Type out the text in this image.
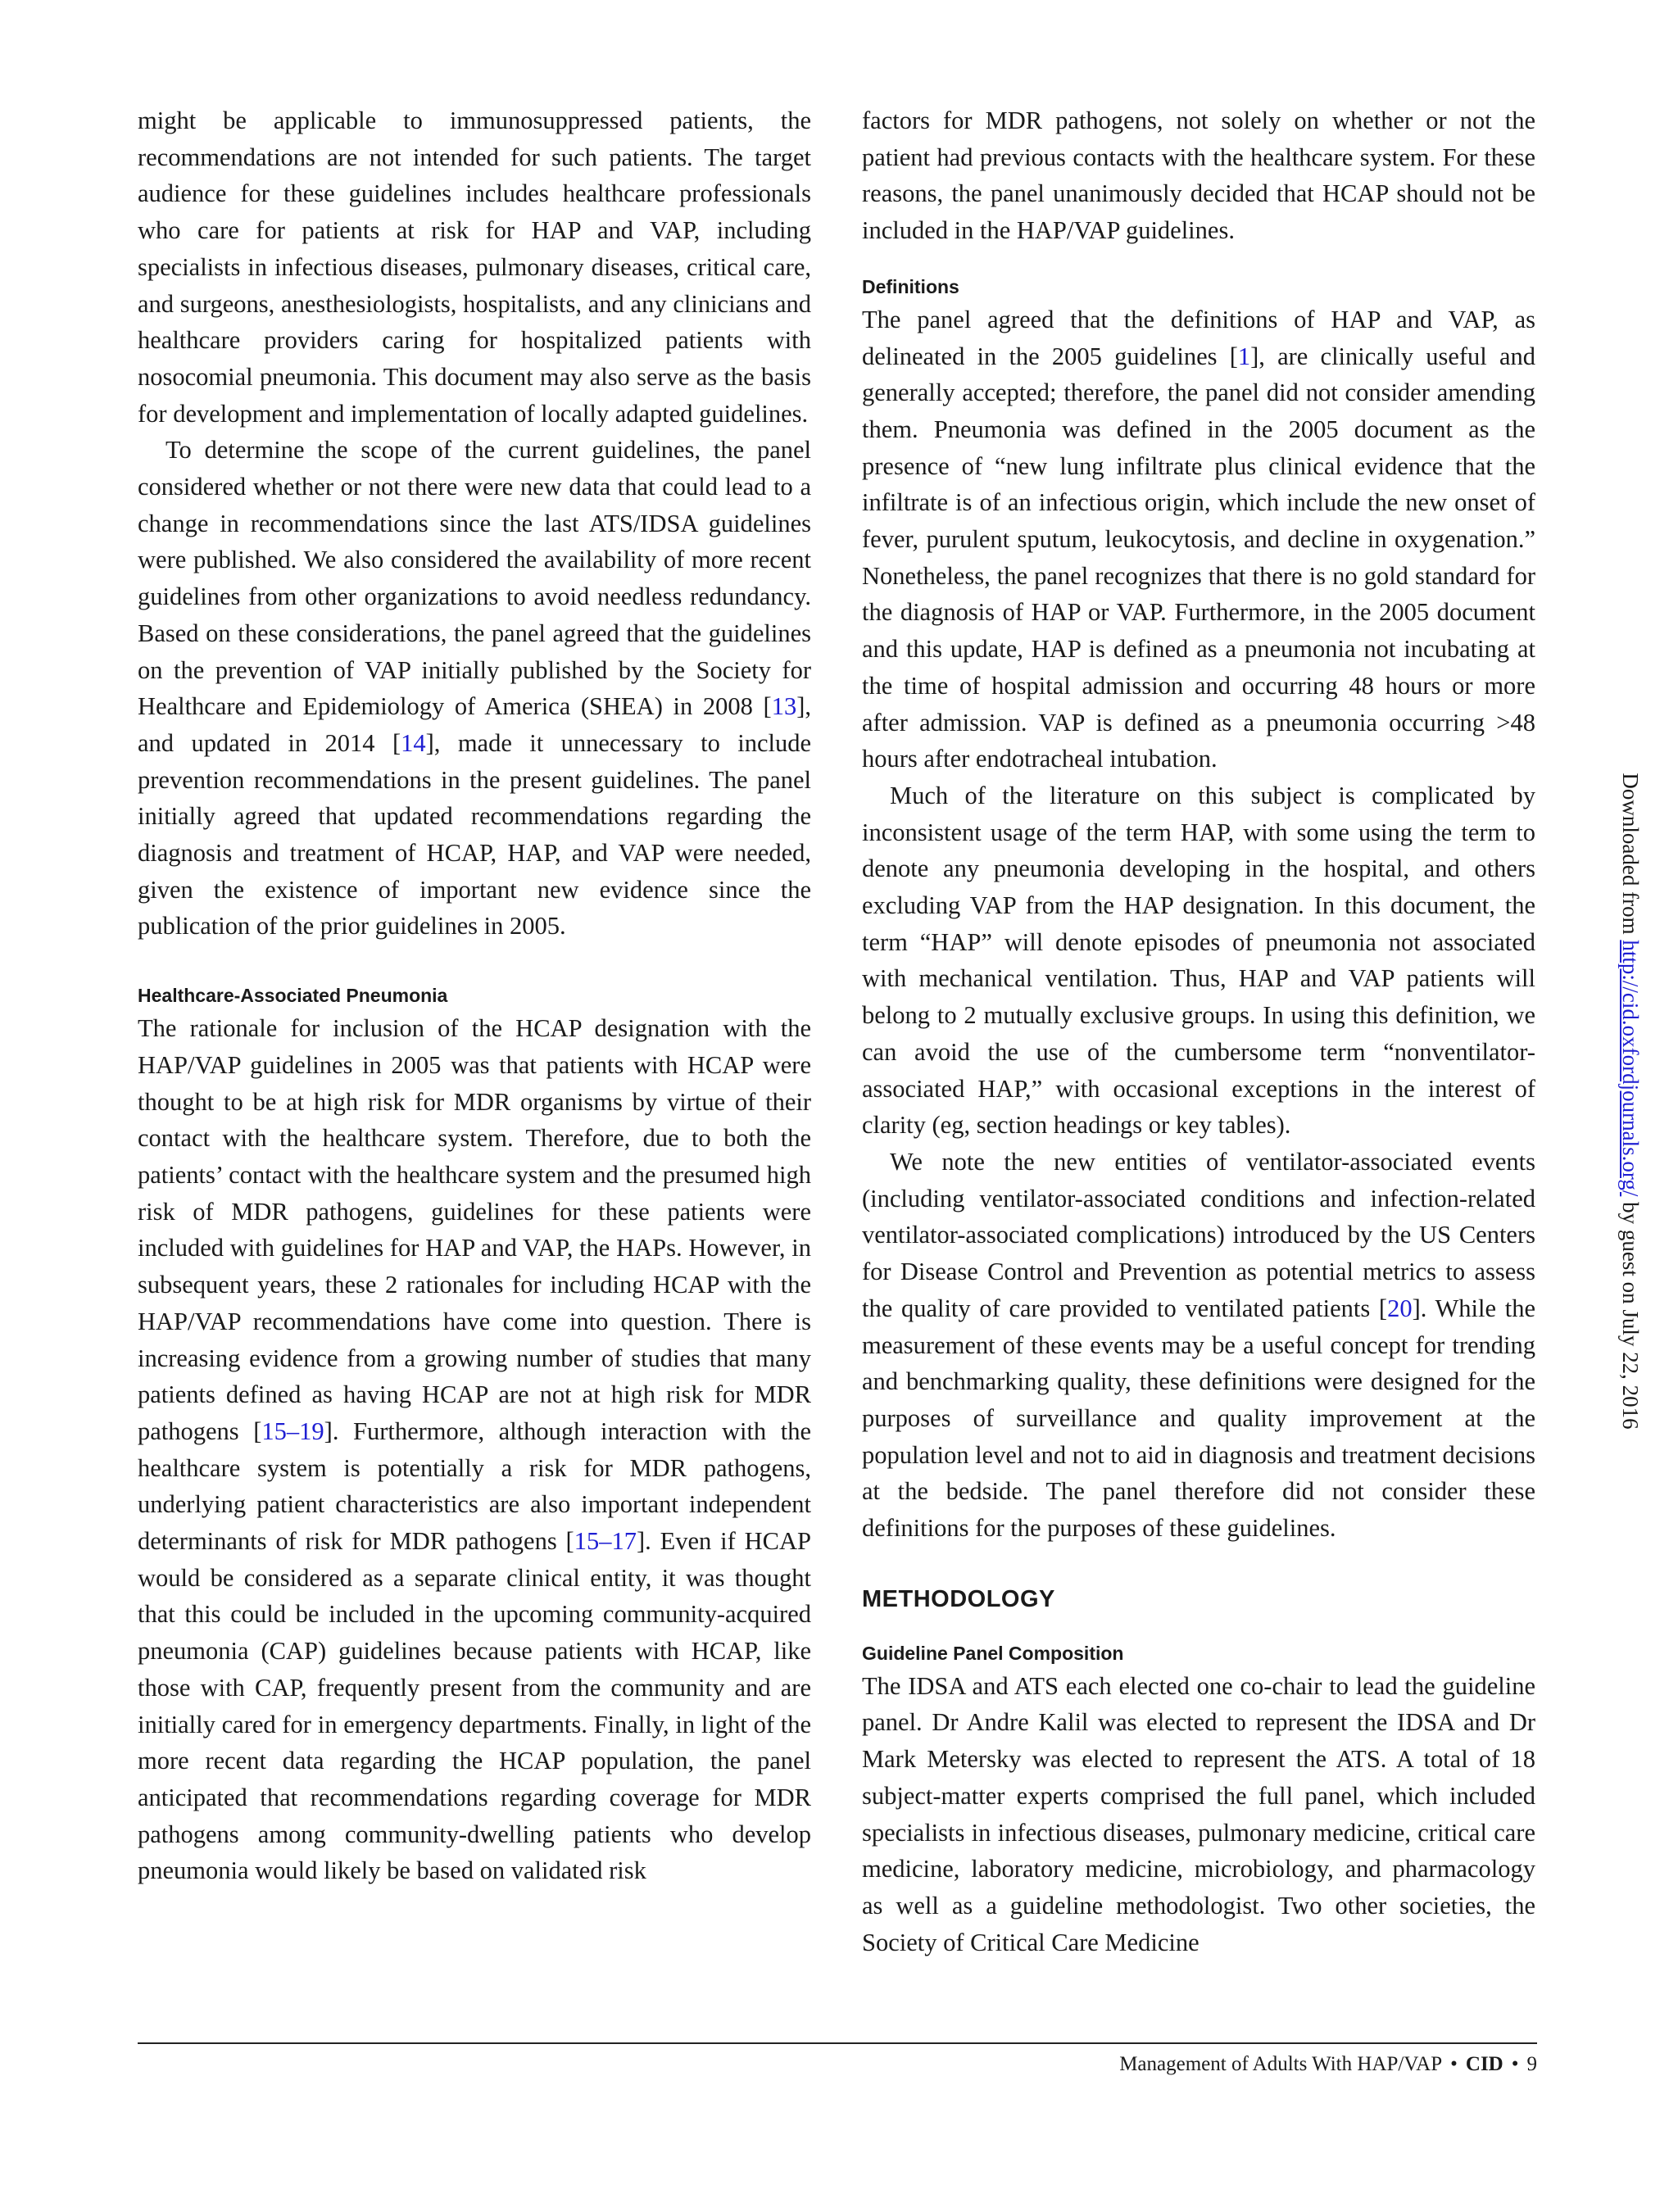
might be applicable to immunosuppressed patients, the recommendations are not intended for such patients. The target audience for these guidelines includes healthcare professionals who care for patients at risk for HAP and VAP, including specialists in infectious diseases, pulmonary diseases, critical care, and surgeons, anesthesiologists, hospitalists, and any clinicians and healthcare providers caring for hospitalized patients with nosocomial pneumonia. This document may also serve as the basis for development and implementation of locally adapted guidelines.

To determine the scope of the current guidelines, the panel considered whether or not there were new data that could lead to a change in recommendations since the last ATS/IDSA guidelines were published. We also considered the availability of more recent guidelines from other organizations to avoid needless redundancy. Based on these considerations, the panel agreed that the guidelines on the prevention of VAP initially published by the Society for Healthcare and Epidemiology of America (SHEA) in 2008 [13], and updated in 2014 [14], made it unnecessary to include prevention recommendations in the present guidelines. The panel initially agreed that updated recommendations regarding the diagnosis and treatment of HCAP, HAP, and VAP were needed, given the existence of important new evidence since the publication of the prior guidelines in 2005.

Healthcare-Associated Pneumonia

The rationale for inclusion of the HCAP designation with the HAP/VAP guidelines in 2005 was that patients with HCAP were thought to be at high risk for MDR organisms by virtue of their contact with the healthcare system. Therefore, due to both the patients’ contact with the healthcare system and the presumed high risk of MDR pathogens, guidelines for these patients were included with guidelines for HAP and VAP, the HAPs. However, in subsequent years, these 2 rationales for including HCAP with the HAP/VAP recommendations have come into question. There is increasing evidence from a growing number of studies that many patients defined as having HCAP are not at high risk for MDR pathogens [15–19]. Furthermore, although interaction with the healthcare system is potentially a risk for MDR pathogens, underlying patient characteristics are also important independent determinants of risk for MDR pathogens [15–17]. Even if HCAP would be considered as a separate clinical entity, it was thought that this could be included in the upcoming community-acquired pneumonia (CAP) guidelines because patients with HCAP, like those with CAP, frequently present from the community and are initially cared for in emergency departments. Finally, in light of the more recent data regarding the HCAP population, the panel anticipated that recommendations regarding coverage for MDR pathogens among community-dwelling patients who develop pneumonia would likely be based on validated risk

factors for MDR pathogens, not solely on whether or not the patient had previous contacts with the healthcare system. For these reasons, the panel unanimously decided that HCAP should not be included in the HAP/VAP guidelines.

Definitions

The panel agreed that the definitions of HAP and VAP, as delineated in the 2005 guidelines [1], are clinically useful and generally accepted; therefore, the panel did not consider amending them. Pneumonia was defined in the 2005 document as the presence of “new lung infiltrate plus clinical evidence that the infiltrate is of an infectious origin, which include the new onset of fever, purulent sputum, leukocytosis, and decline in oxygenation.” Nonetheless, the panel recognizes that there is no gold standard for the diagnosis of HAP or VAP. Furthermore, in the 2005 document and this update, HAP is defined as a pneumonia not incubating at the time of hospital admission and occurring 48 hours or more after admission. VAP is defined as a pneumonia occurring >48 hours after endotracheal intubation.

Much of the literature on this subject is complicated by inconsistent usage of the term HAP, with some using the term to denote any pneumonia developing in the hospital, and others excluding VAP from the HAP designation. In this document, the term “HAP” will denote episodes of pneumonia not associated with mechanical ventilation. Thus, HAP and VAP patients will belong to 2 mutually exclusive groups. In using this definition, we can avoid the use of the cumbersome term “nonventilator-associated HAP,” with occasional exceptions in the interest of clarity (eg, section headings or key tables).

We note the new entities of ventilator-associated events (including ventilator-associated conditions and infection-related ventilator-associated complications) introduced by the US Centers for Disease Control and Prevention as potential metrics to assess the quality of care provided to ventilated patients [20]. While the measurement of these events may be a useful concept for trending and benchmarking quality, these definitions were designed for the purposes of surveillance and quality improvement at the population level and not to aid in diagnosis and treatment decisions at the bedside. The panel therefore did not consider these definitions for the purposes of these guidelines.

METHODOLOGY
Guideline Panel Composition

The IDSA and ATS each elected one co-chair to lead the guideline panel. Dr Andre Kalil was elected to represent the IDSA and Dr Mark Metersky was elected to represent the ATS. A total of 18 subject-matter experts comprised the full panel, which included specialists in infectious diseases, pulmonary medicine, critical care medicine, laboratory medicine, microbiology, and pharmacology as well as a guideline methodologist. Two other societies, the Society of Critical Care Medicine

Management of Adults With HAP/VAP • CID • 9
Downloaded from http://cid.oxfordjournals.org/ by guest on July 22, 2016
